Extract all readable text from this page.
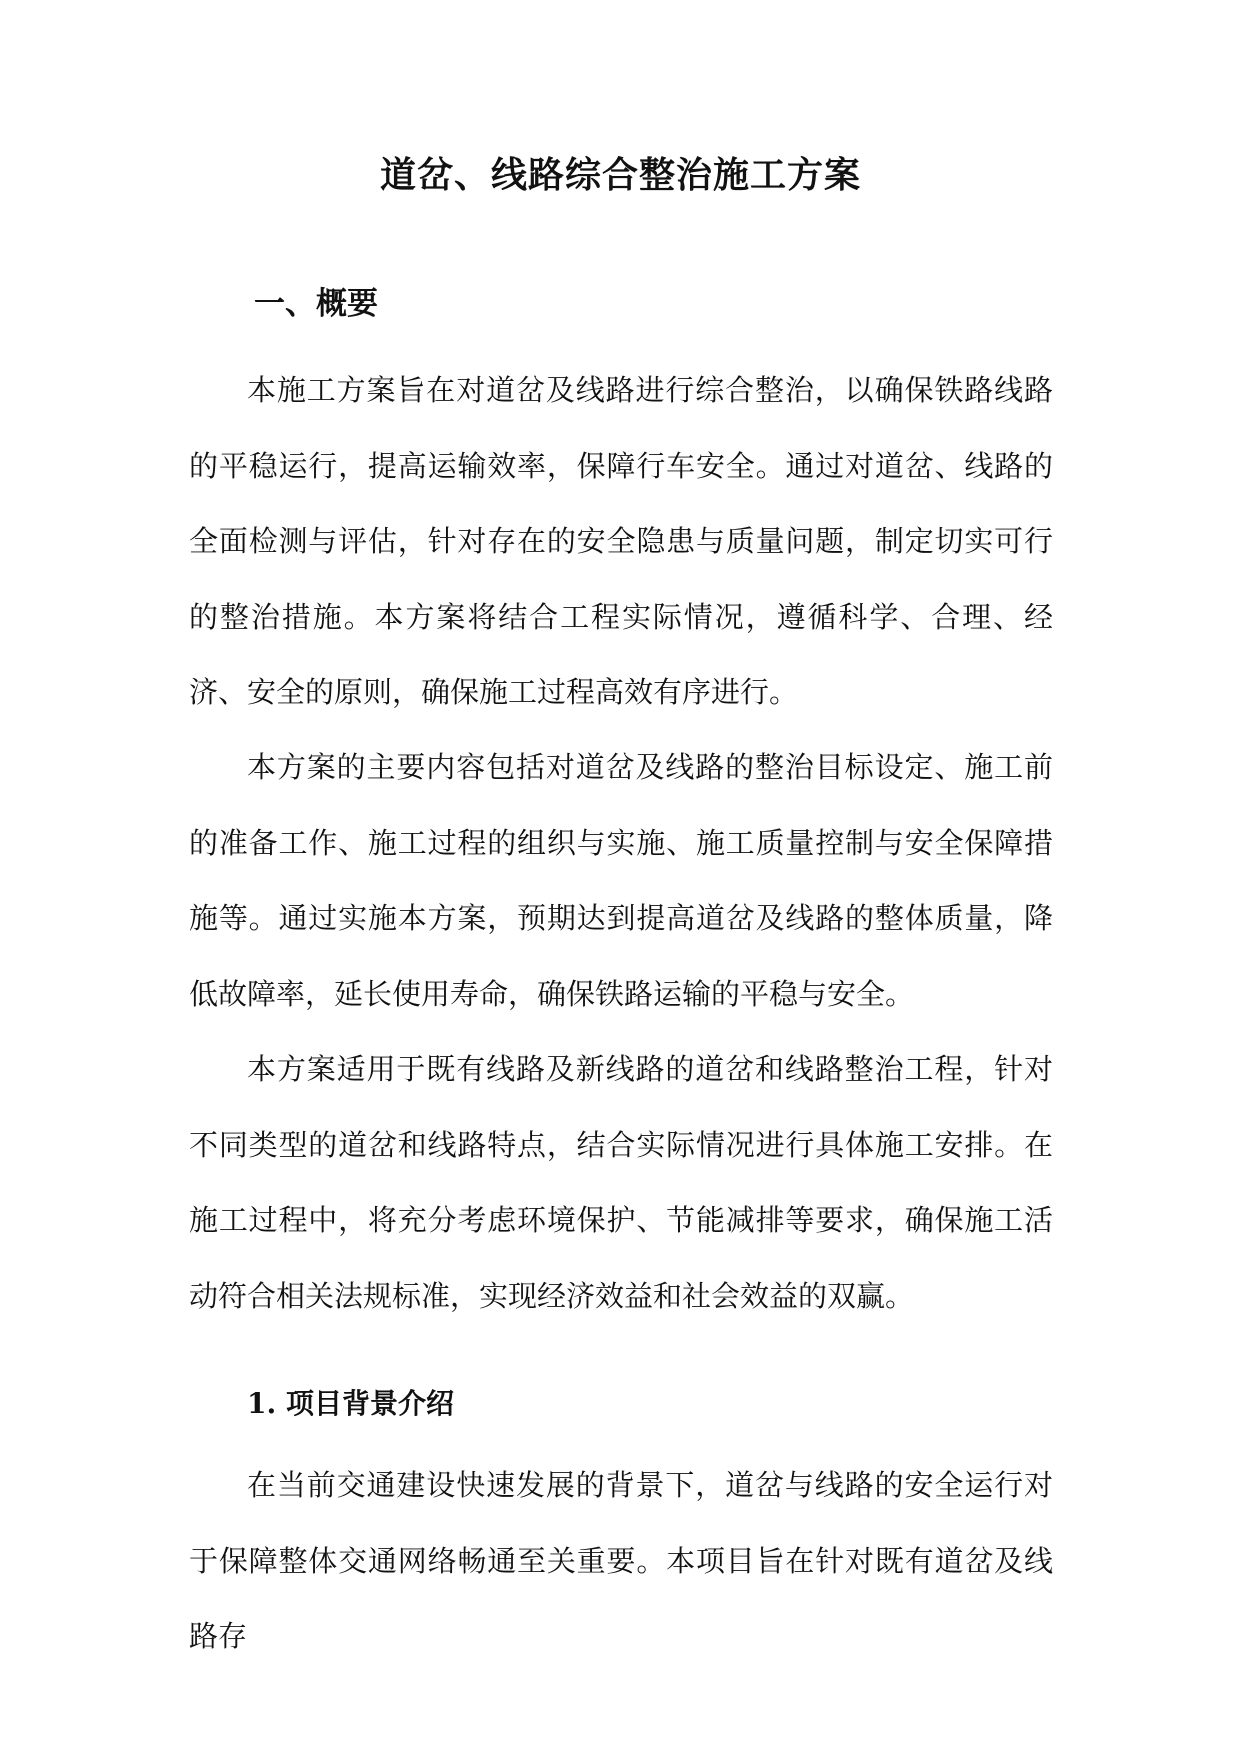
道岔、线路综合整治施工方案
一、概要

本施工方案旨在对道岔及线路进行综合整治，以确保铁路线路的平稳运行，提高运输效率，保障行车安全。通过对道岔、线路的全面检测与评估，针对存在的安全隐患与质量问题，制定切实可行的整治措施。本方案将结合工程实际情况，遵循科学、合理、经济、安全的原则，确保施工过程高效有序进行。

本方案的主要内容包括对道岔及线路的整治目标设定、施工前的准备工作、施工过程的组织与实施、施工质量控制与安全保障措施等。通过实施本方案，预期达到提高道岔及线路的整体质量，降低故障率，延长使用寿命，确保铁路运输的平稳与安全。

本方案适用于既有线路及新线路的道岔和线路整治工程，针对不同类型的道岔和线路特点，结合实际情况进行具体施工安排。在施工过程中，将充分考虑环境保护、节能减排等要求，确保施工活动符合相关法规标准，实现经济效益和社会效益的双赢。

1. 项目背景介绍

在当前交通建设快速发展的背景下，道岔与线路的安全运行对于保障整体交通网络畅通至关重要。本项目旨在针对既有道岔及线路存
